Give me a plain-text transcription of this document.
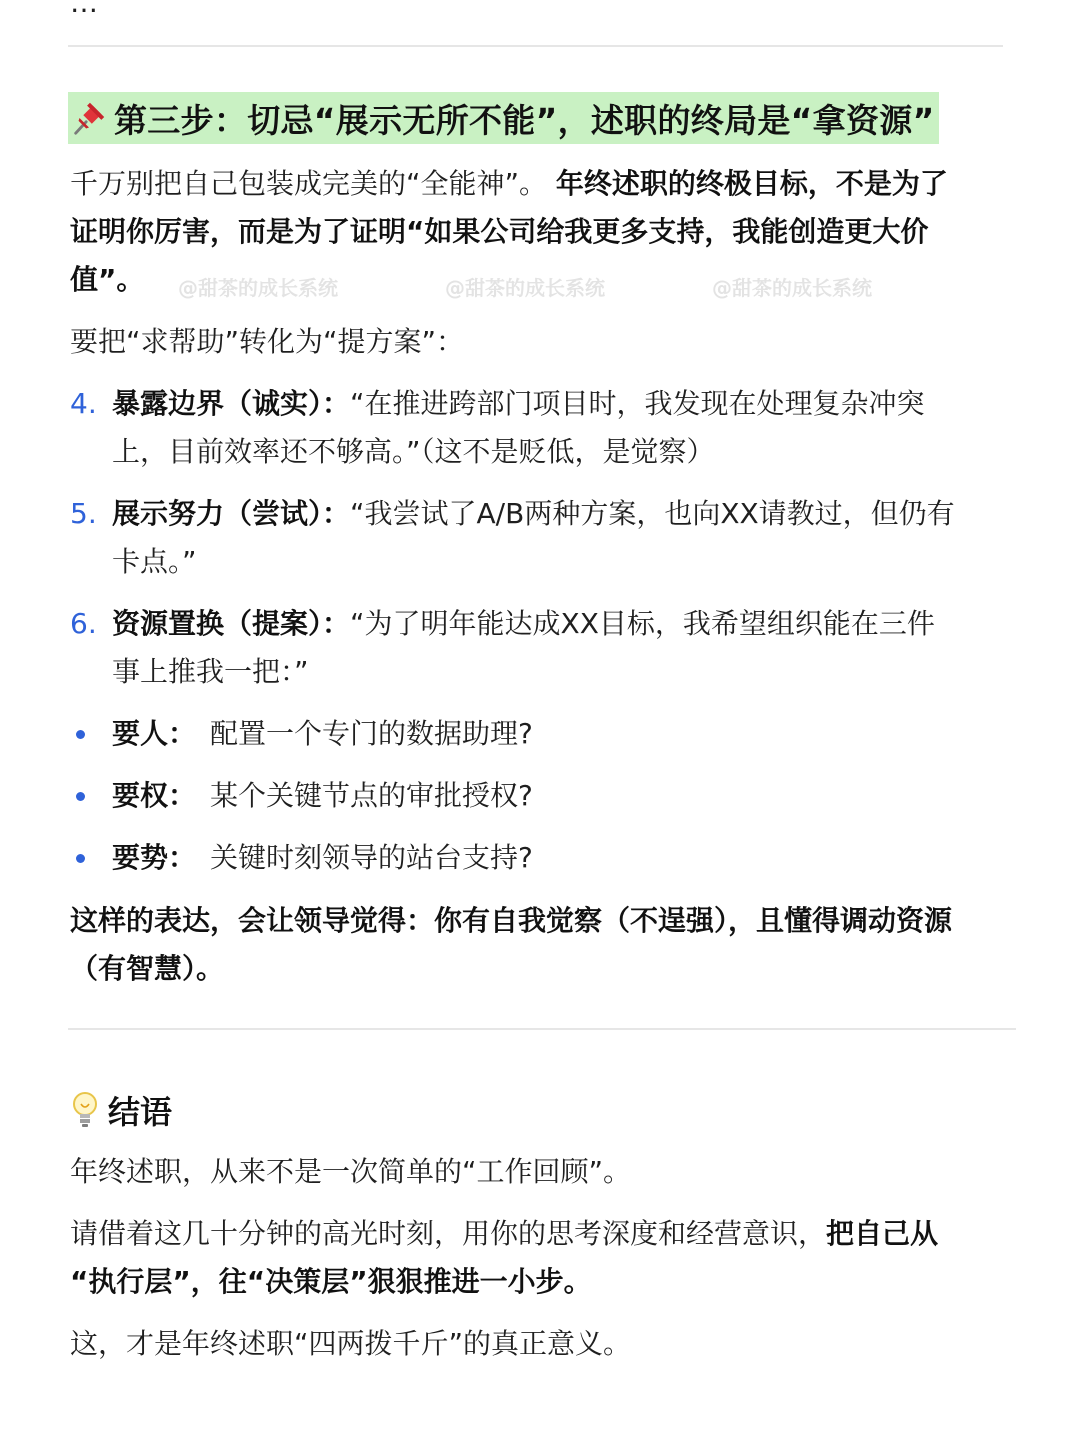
…
第三步：切忌“展示无所不能”，述职的终局是“拿资源”
千万别把自己包装成完美的“全能神”。 年终述职的终极目标，不是为了
证明你厉害，而是为了证明“如果公司给我更多支持，我能创造更大价
值”。	@甜茶的成长系统	@甜茶的成长系统	@甜茶的成长系统
要把“求帮助”转化为“提方案”：
4. 暴露边界（诚实）：“在推进跨部门项目时，我发现在处理复杂冲突
上，目前效率还不够高。”（这不是贬低，是觉察）
5. 展示努力（尝试）：“我尝试了A/B两种方案，也向XX请教过，但仍有
卡点。”
6. 资源置换（提案）：“为了明年能达成XX目标，我希望组织能在三件
事上推我一把：”
要人： 配置一个专门的数据助理?
要权： 某个关键节点的审批授权?
要势： 关键时刻领导的站台支持?
这样的表达，会让领导觉得：你有自我觉察（不逞强），且懂得调动资源
（有智慧）。
结语
年终述职，从来不是一次简单的“工作回顾”。
请借着这几十分钟的高光时刻，用你的思考深度和经营意识，把自己从
“执行层”，往“决策层”狠狠推进一小步。
这，才是年终述职“四两拨千斤”的真正意义。
